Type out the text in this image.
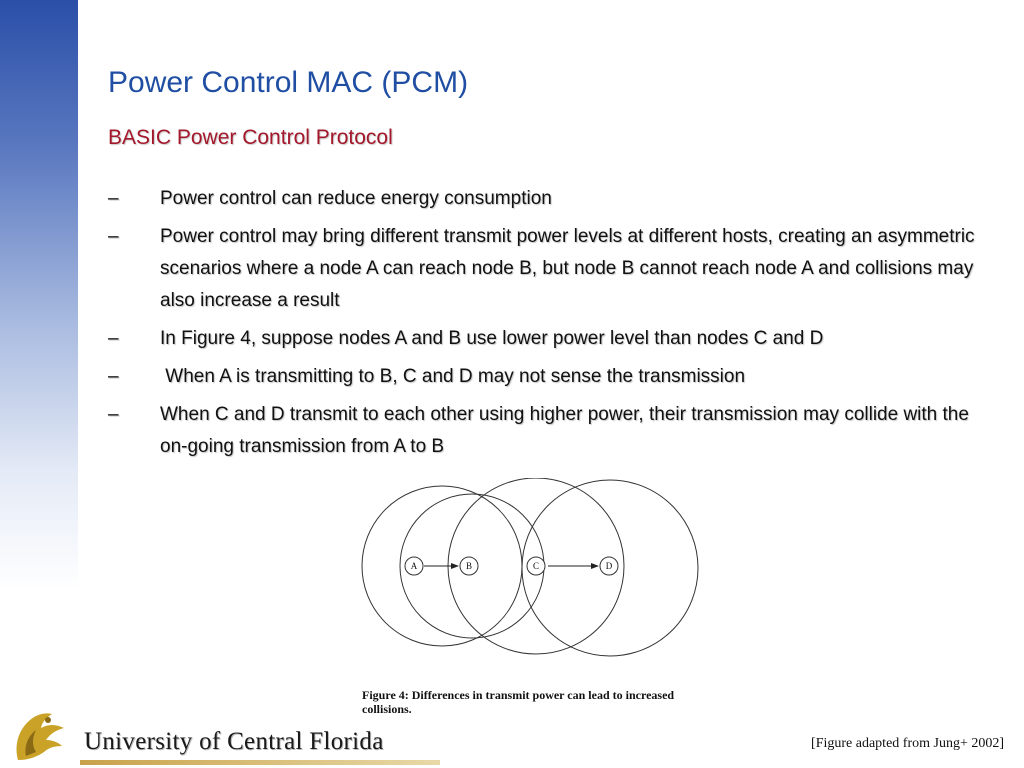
Power Control MAC (PCM)
BASIC Power Control Protocol
– Power control can reduce energy consumption
– Power control may bring different transmit power levels at different hosts, creating an asymmetric scenarios where a node A can reach node B, but node B cannot reach node A and collisions may also increase a result
– In Figure 4, suppose nodes A and B use lower power level than nodes C and D
– When A is transmitting to B, C and D may not sense the transmission
– When C and D transmit to each other using higher power, their transmission may collide with the on-going transmission from A to B
A	B	C	D

Figure 4: Differences in transmit power can lead to increased collisions.

University of Central Florida	[Figure adapted from Jung+ 2002]
